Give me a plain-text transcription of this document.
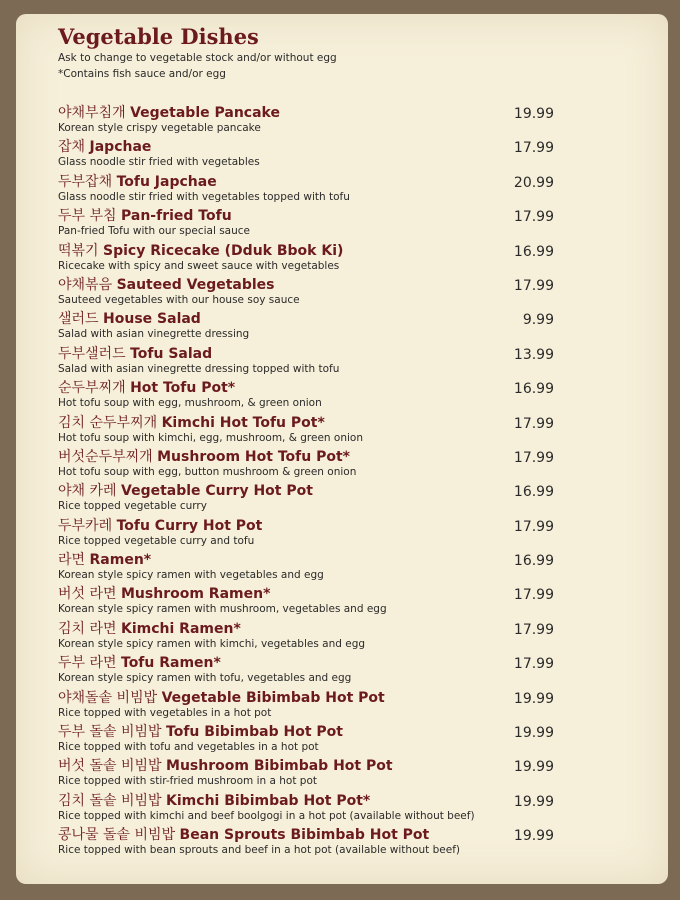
Vegetable Dishes
Ask to change to vegetable stock and/or without egg
*Contains fish sauce and/or egg
야채부침개 Vegetable Pancake
Korean style crispy vegetable pancake
19.99
잡채 Japchae
Glass noodle stir fried with vegetables
17.99
두부잡채 Tofu Japchae
Glass noodle stir fried with vegetables topped with tofu
20.99
두부 부침 Pan-fried Tofu
Pan-fried Tofu with our special sauce
17.99
떡볶기 Spicy Ricecake (Dduk Bbok Ki)
Ricecake with spicy and sweet sauce with vegetables
16.99
야채볶음 Sauteed Vegetables
Sauteed vegetables with our house soy sauce
17.99
샐러드 House Salad
Salad with asian vinegrette dressing
9.99
두부샐러드 Tofu Salad
Salad with asian vinegrette dressing topped with tofu
13.99
순두부찌개 Hot Tofu Pot*
Hot tofu soup with egg, mushroom, & green onion
16.99
김치 순두부찌개 Kimchi Hot Tofu Pot*
Hot tofu soup with kimchi, egg, mushroom, & green onion
17.99
버섯순두부찌개 Mushroom Hot Tofu Pot*
Hot tofu soup with egg, button mushroom & green onion
17.99
야채 카레 Vegetable Curry Hot Pot
Rice topped vegetable curry
16.99
두부카레 Tofu Curry Hot Pot
Rice topped vegetable curry and tofu
17.99
라면 Ramen*
Korean style spicy ramen with vegetables and egg
16.99
버섯 라면 Mushroom Ramen*
Korean style spicy ramen with mushroom, vegetables and egg
17.99
김치 라면 Kimchi Ramen*
Korean style spicy ramen with kimchi, vegetables and egg
17.99
두부 라면 Tofu Ramen*
Korean style spicy ramen with tofu, vegetables and egg
17.99
야채돌솥 비빔밥 Vegetable Bibimbab Hot Pot
Rice topped with vegetables in a hot pot
19.99
두부 돌솥 비빔밥 Tofu Bibimbab Hot Pot
Rice topped with tofu and vegetables in a hot pot
19.99
버섯 돌솥 비빔밥 Mushroom Bibimbab Hot Pot
Rice topped with stir-fried mushroom in a hot pot
19.99
김치 돌솥 비빔밥 Kimchi Bibimbab Hot Pot*
Rice topped with kimchi and beef boolgogi in a hot pot (available without beef)
19.99
콩나물 돌솥 비빔밥 Bean Sprouts Bibimbab Hot Pot
Rice topped with bean sprouts and beef in a hot pot (available without beef)
19.99
